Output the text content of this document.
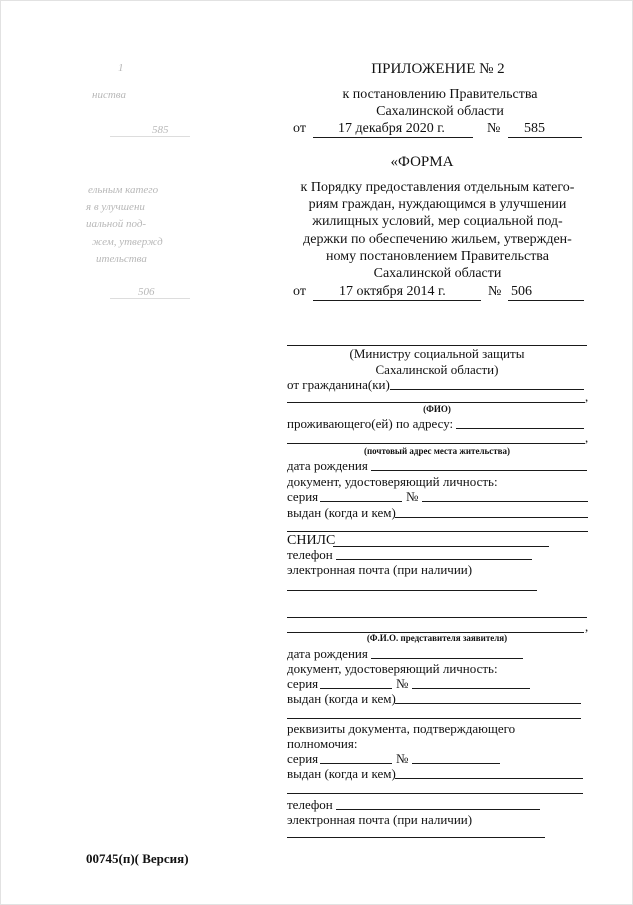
1
ниства
585
ельным катего
я в улучшени
иальной под-
жем, утвержд
ительства
506
ПРИЛОЖЕНИЕ № 2
к постановлению Правительства
Сахалинской области
от 17 декабря 2020 г.	№ 585
«ФОРМА
к Порядку предоставления отдельным катего-
риям граждан, нуждающимся в улучшении
жилищных условий, мер социальной под-
держки по обеспечению жильем, утвержден-
ному постановлением Правительства
Сахалинской области
от 17 октября 2014 г.	№ 506
(Министру социальной защиты
Сахалинской области)
от гражданина(ки)
,
(ФИО)
проживающего(ей) по адресу:
,
(почтовый адрес места жительства)
дата рождения
документ, удостоверяющий личность:
серия	№
выдан (когда и кем)
СНИЛС
телефон
электронная почта (при наличии)
,
(Ф.И.О. представителя заявителя)
дата рождения
документ, удостоверяющий личность:
серия	№
выдан (когда и кем)
реквизиты документа, подтверждающего
полномочия:
серия	№
выдан (когда и кем)
телефон
электронная почта (при наличии)
00745(п)( Версия)
